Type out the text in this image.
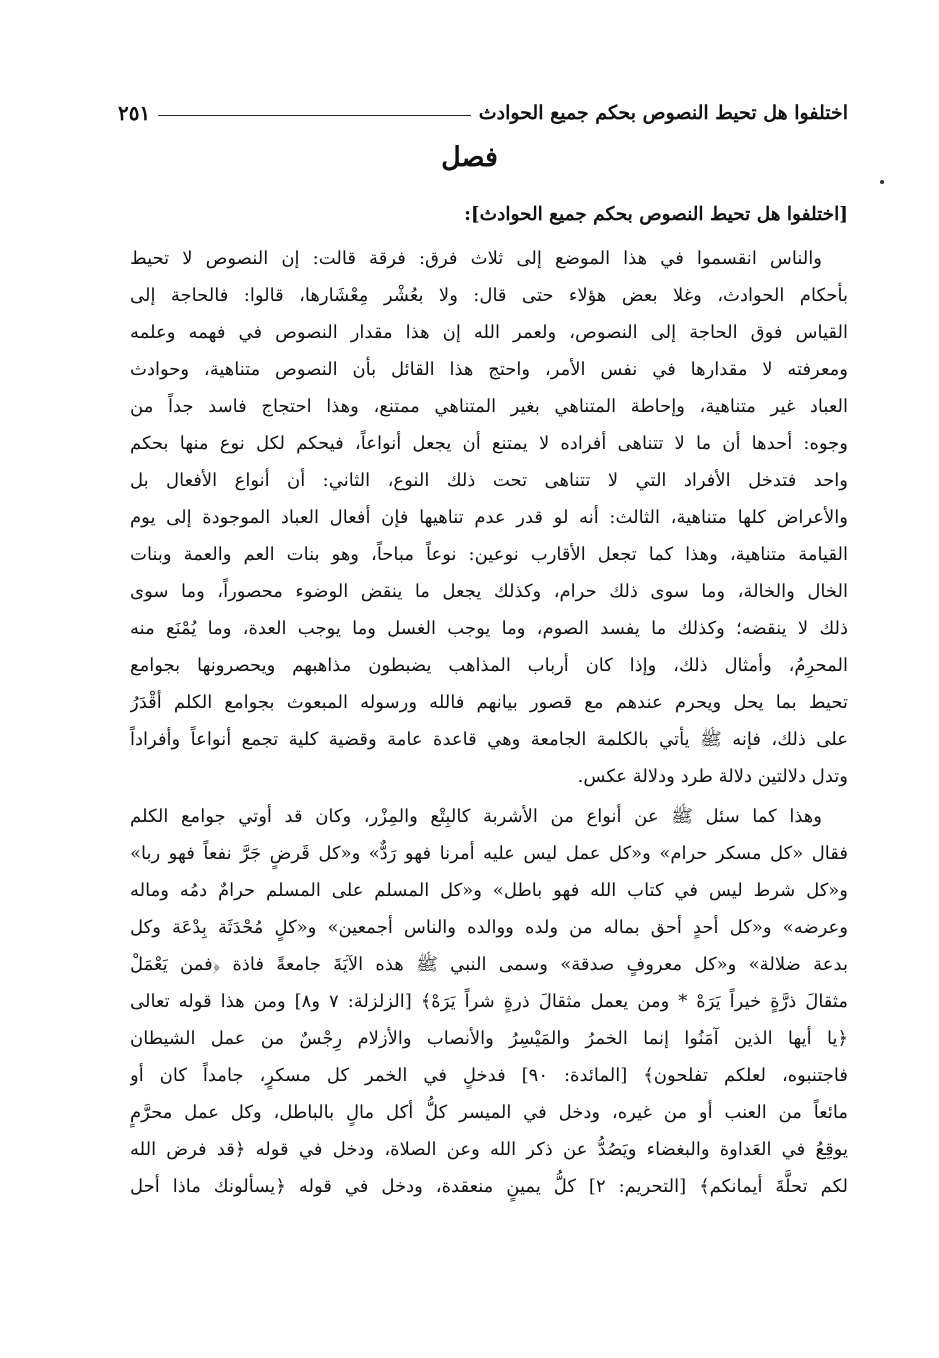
اختلفوا هل تحيط النصوص بحكم جميع الحوادث
٢٥١
فصل
[اختلفوا هل تحيط النصوص بحكم جميع الحوادث]:
والناس انقسموا في هذا الموضع إلى ثلاث فرق: فرقة قالت: إن النصوص لا تحيط
بأحكام الحوادث، وغلا بعض هؤلاء حتى قال: ولا بعُشْر مِعْشَارها، قالوا: فالحاجة إلى
القياس فوق الحاجة إلى النصوص، ولعمر الله إن هذا مقدار النصوص في فهمه وعلمه
ومعرفته لا مقدارها في نفس الأمر، واحتج هذا القائل بأن النصوص متناهية، وحوادث
العباد غير متناهية، وإحاطة المتناهي بغير المتناهي ممتنع، وهذا احتجاج فاسد جداً من
وجوه: أحدها أن ما لا تتناهى أفراده لا يمتنع أن يجعل أنواعاً، فيحكم لكل نوع منها بحكم
واحد فتدخل الأفراد التي لا تتناهى تحت ذلك النوع، الثاني: أن أنواع الأفعال بل
والأعراض كلها متناهية، الثالث: أنه لو قدر عدم تناهيها فإن أفعال العباد الموجودة إلى يوم
القيامة متناهية، وهذا كما تجعل الأقارب نوعين: نوعاً مباحاً، وهو بنات العم والعمة وبنات
الخال والخالة، وما سوى ذلك حرام، وكذلك يجعل ما ينقض الوضوء محصوراً، وما سوى
ذلك لا ينقضه؛ وكذلك ما يفسد الصوم، وما يوجب الغسل وما يوجب العدة، وما يُمْنَع منه
المحرِمُ، وأمثال ذلك، وإذا كان أرباب المذاهب يضبطون مذاهبهم ويحصرونها بجوامع
تحيط بما يحل ويحرم عندهم مع قصور بيانهم فالله ورسوله المبعوث بجوامع الكلم أقْدَرُ
على ذلك، فإنه ﷺ يأتي بالكلمة الجامعة وهي قاعدة عامة وقضية كلية تجمع أنواعاً وأفراداً
وتدل دلالتين دلالة طرد ودلالة عكس.
وهذا كما سئل ﷺ عن أنواع من الأشربة كالبِتْع والمِزْر، وكان قد أوتي جوامع الكلم
فقال «كل مسكر حرام» و«كل عمل ليس عليه أمرنا فهو رَدٌّ» و«كل قَرضٍ جَرَّ نفعاً فهو ربا»
و«كل شرط ليس في كتاب الله فهو باطل» و«كل المسلم على المسلم حرامٌ دمُه وماله
وعرضه» و«كل أحدٍ أحق بماله من ولده ووالده والناس أجمعين» و«كلٍ مُحْدَثَة بِدْعَة وكل
بدعة ضلالة» و«كل معروفٍ صدقة» وسمى النبي ﷺ هذه الآيَةَ جامعةً فاذة ﴿فمن يَعْمَلْ
مثقالَ ذرَّةٍ خيراً يَرَهْ * ومن يعمل مثقالَ ذرةٍ شراً يَرَهْ﴾ [الزلزلة: ٧ و٨] ومن هذا قوله تعالى
﴿يا أيها الذين آمَنُوا إنما الخمرُ والمَيْسِرُ والأنصاب والأزلام رِجْسٌ من عمل الشيطان
فاجتنبوه، لعلكم تفلحون﴾ [المائدة: ٩٠] فدخلٍ في الخمر كل مسكرٍ، جامداً كان أو
مائعاً من العنب أو من غيره، ودخل في الميسر كلُّ أكل مالٍ بالباطل، وكل عمل محرَّمٍ
يوقِعُ في العَداوة والبغضاء ويَصُدُّ عن ذكر الله وعن الصلاة، ودخل في قوله ﴿قد فرض الله
لكم تحلَّةَ أيمانكم﴾ [التحريم: ٢] كلُّ يمينٍ منعقدة، ودخل في قوله ﴿يسألونك ماذا أحل
